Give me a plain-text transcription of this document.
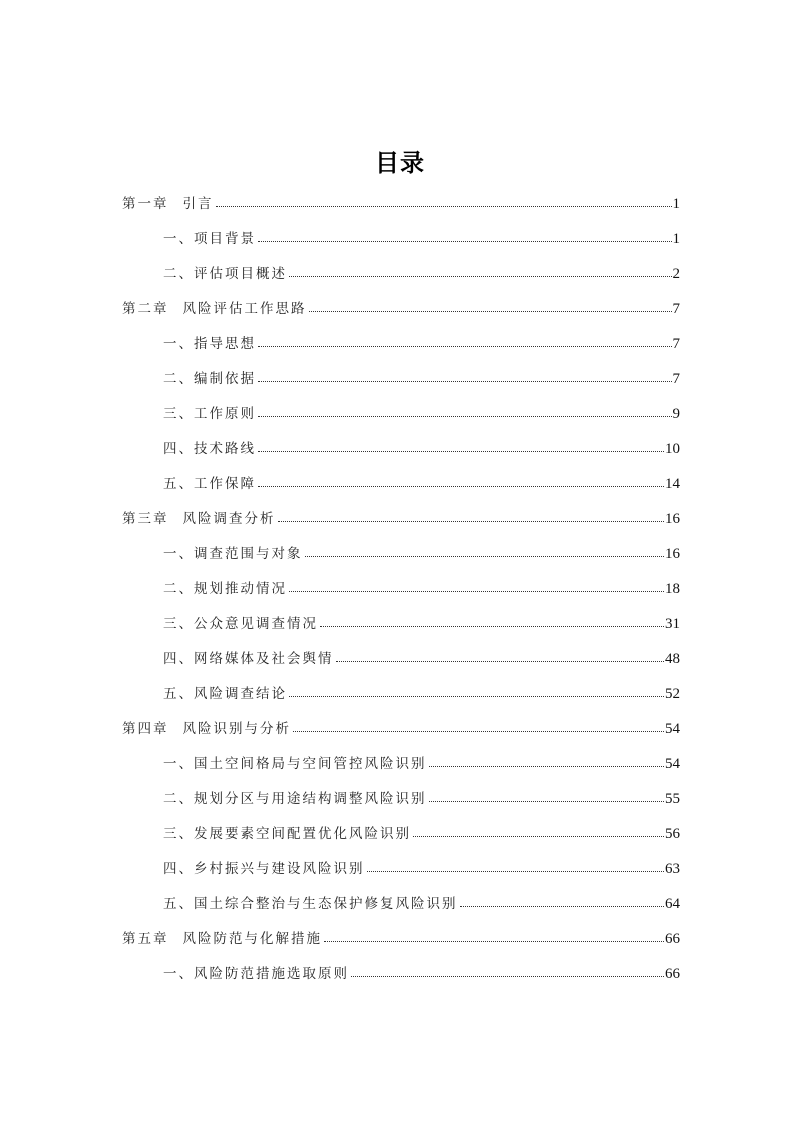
目录
第一章 引言	1
一、项目背景	1
二、评估项目概述	2
第二章 风险评估工作思路	7
一、指导思想	7
二、编制依据	7
三、工作原则	9
四、技术路线	10
五、工作保障	14
第三章 风险调查分析	16
一、调查范围与对象	16
二、规划推动情况	18
三、公众意见调查情况	31
四、网络媒体及社会舆情	48
五、风险调查结论	52
第四章 风险识别与分析	54
一、国土空间格局与空间管控风险识别	54
二、规划分区与用途结构调整风险识别	55
三、发展要素空间配置优化风险识别	56
四、乡村振兴与建设风险识别	63
五、国土综合整治与生态保护修复风险识别	64
第五章 风险防范与化解措施	66
一、风险防范措施选取原则	66
